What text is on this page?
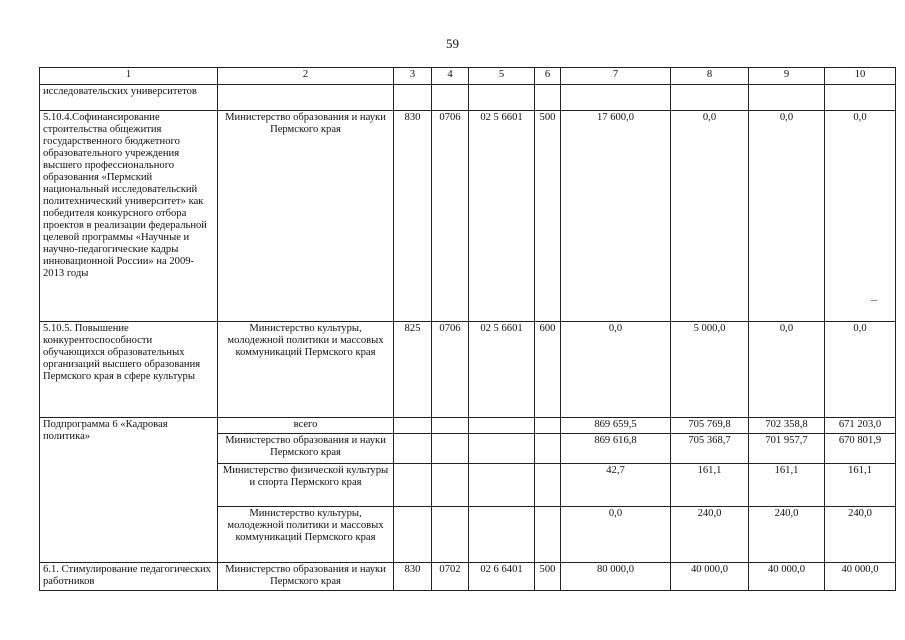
59
1	2	3	4	5	6	7	8	9	10
исследовательских университетов									
5.10.4.Софинансирование строительства общежития государственного бюджетного образовательного учреждения высшего профессионального образования «Пермский национальный исследовательский политехнический университет» как победителя конкурсного отбора проектов в реализации федеральной целевой программы «Научные и научно-педагогические кадры инновационной России» на 2009-2013 годы	Министерство образования и науки Пермского края	830	0706	02 5 6601	500	17 600,0	0,0	0,0	0,0
5.10.5. Повышение конкурентоспособности обучающихся образовательных организаций высшего образования Пермского края в сфере культуры	Министерство культуры, молодежной политики и массовых коммуникаций Пермского края	825	0706	02 5 6601	600	0,0	5 000,0	0,0	0,0
Подпрограмма 6 «Кадровая политика»	всего					869 659,5	705 769,8	702 358,8	671 203,0
	Министерство образования и науки Пермского края					869 616,8	705 368,7	701 957,7	670 801,9
	Министерство физической культуры и спорта Пермского края					42,7	161,1	161,1	161,1
	Министерство культуры, молодежной политики и массовых коммуникаций Пермского края					0,0	240,0	240,0	240,0
6.1. Стимулирование педагогических работников	Министерство образования и науки Пермского края	830	0702	02 6 6401	500	80 000,0	40 000,0	40 000,0	40 000,0
